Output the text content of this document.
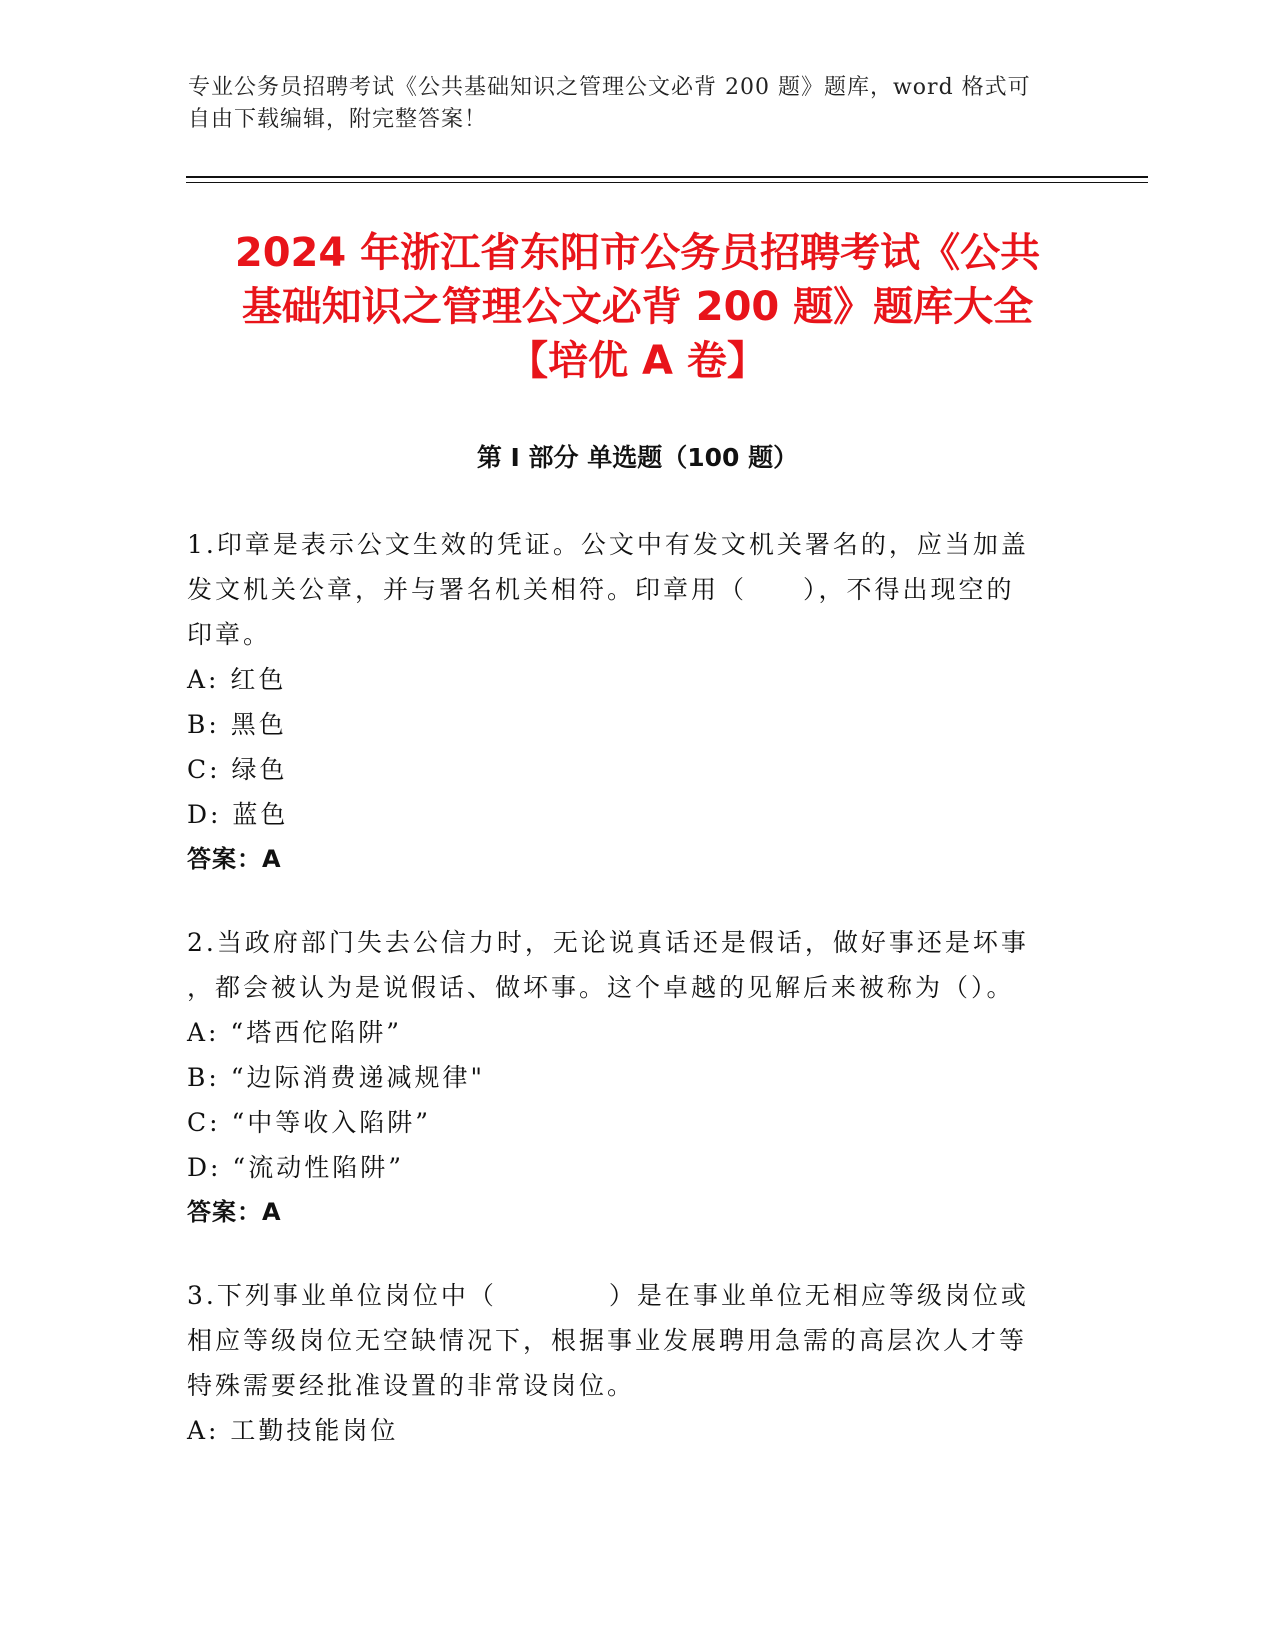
专业公务员招聘考试《公共基础知识之管理公文必背 200 题》题库，word 格式可
自由下载编辑，附完整答案！
2024 年浙江省东阳市公务员招聘考试《公共
基础知识之管理公文必背 200 题》题库大全
【培优 A 卷】
第 I 部分 单选题（100 题）
1.印章是表示公文生效的凭证。公文中有发文机关署名的，应当加盖
发文机关公章，并与署名机关相符。印章用（　　），不得出现空的
印章。
A: 红色
B: 黑色
C: 绿色
D: 蓝色
答案：A
2.当政府部门失去公信力时，无论说真话还是假话，做好事还是坏事
，都会被认为是说假话、做坏事。这个卓越的见解后来被称为（）。
A: “塔西佗陷阱”
B: “边际消费递减规律"
C: “中等收入陷阱”
D: “流动性陷阱”
答案：A
3.下列事业单位岗位中（　　　　）是在事业单位无相应等级岗位或
相应等级岗位无空缺情况下，根据事业发展聘用急需的高层次人才等
特殊需要经批准设置的非常设岗位。
A: 工勤技能岗位
